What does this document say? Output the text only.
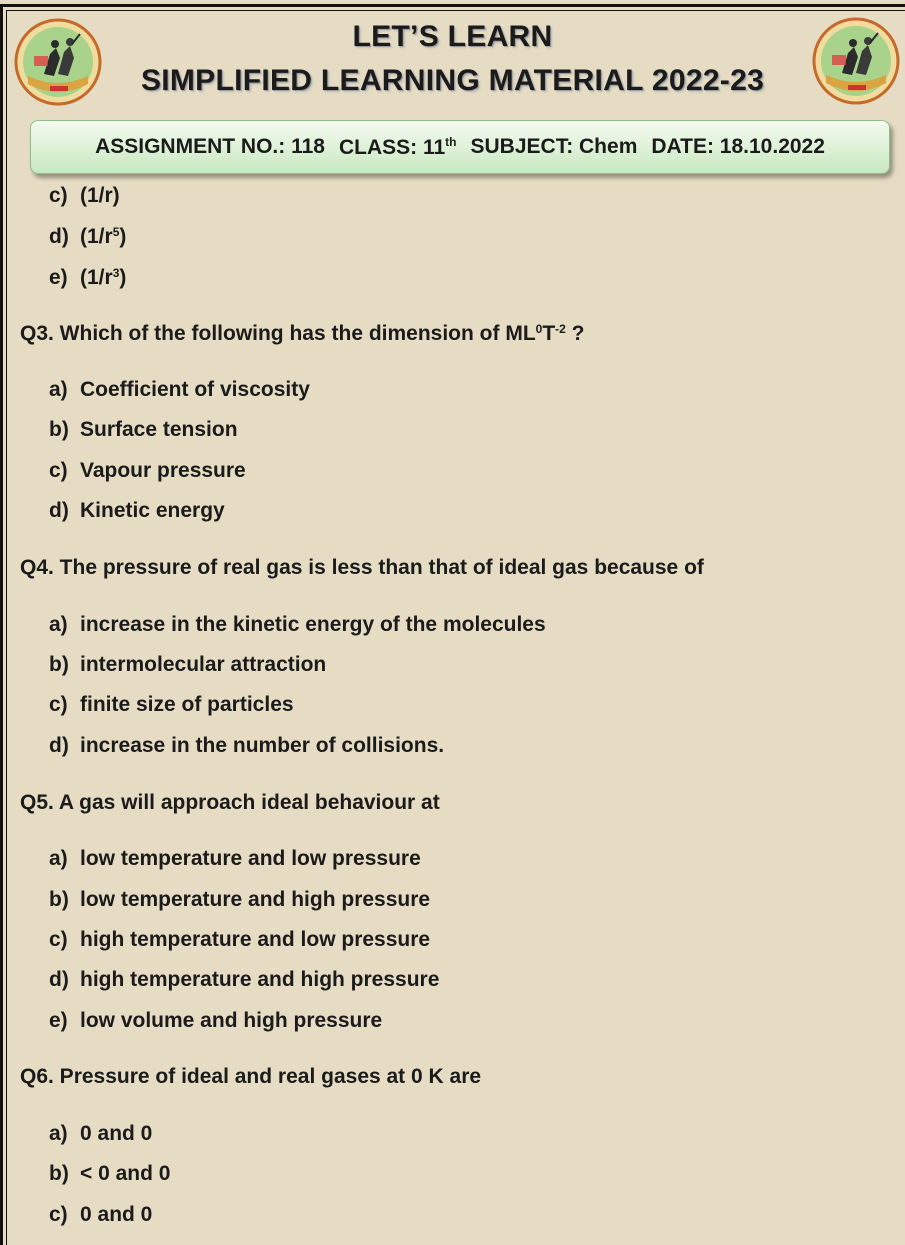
LET’S LEARN
SIMPLIFIED LEARNING MATERIAL 2022-23
ASSIGNMENT NO.: 118 CLASS: 11th SUBJECT: Chem DATE: 18.10.2022
c) (1/r)
d) $(1/r^5)$
e) $(1/r^3)$
Q3. Which of the following has the dimension of $ML^0T^{-2}$ ?
a) Coefficient of viscosity
b) Surface tension
c) Vapour pressure
d) Kinetic energy
Q4. The pressure of real gas is less than that of ideal gas because of
a) increase in the kinetic energy of the molecules
b) intermolecular attraction
c) finite size of particles
d) increase in the number of collisions.
Q5. A gas will approach ideal behaviour at
a) low temperature and low pressure
b) low temperature and high pressure
c) high temperature and low pressure
d) high temperature and high pressure
e) low volume and high pressure
Q6. Pressure of ideal and real gases at 0 K are
a) 0 and 0
b) < 0 and 0
c) 0 and 0
